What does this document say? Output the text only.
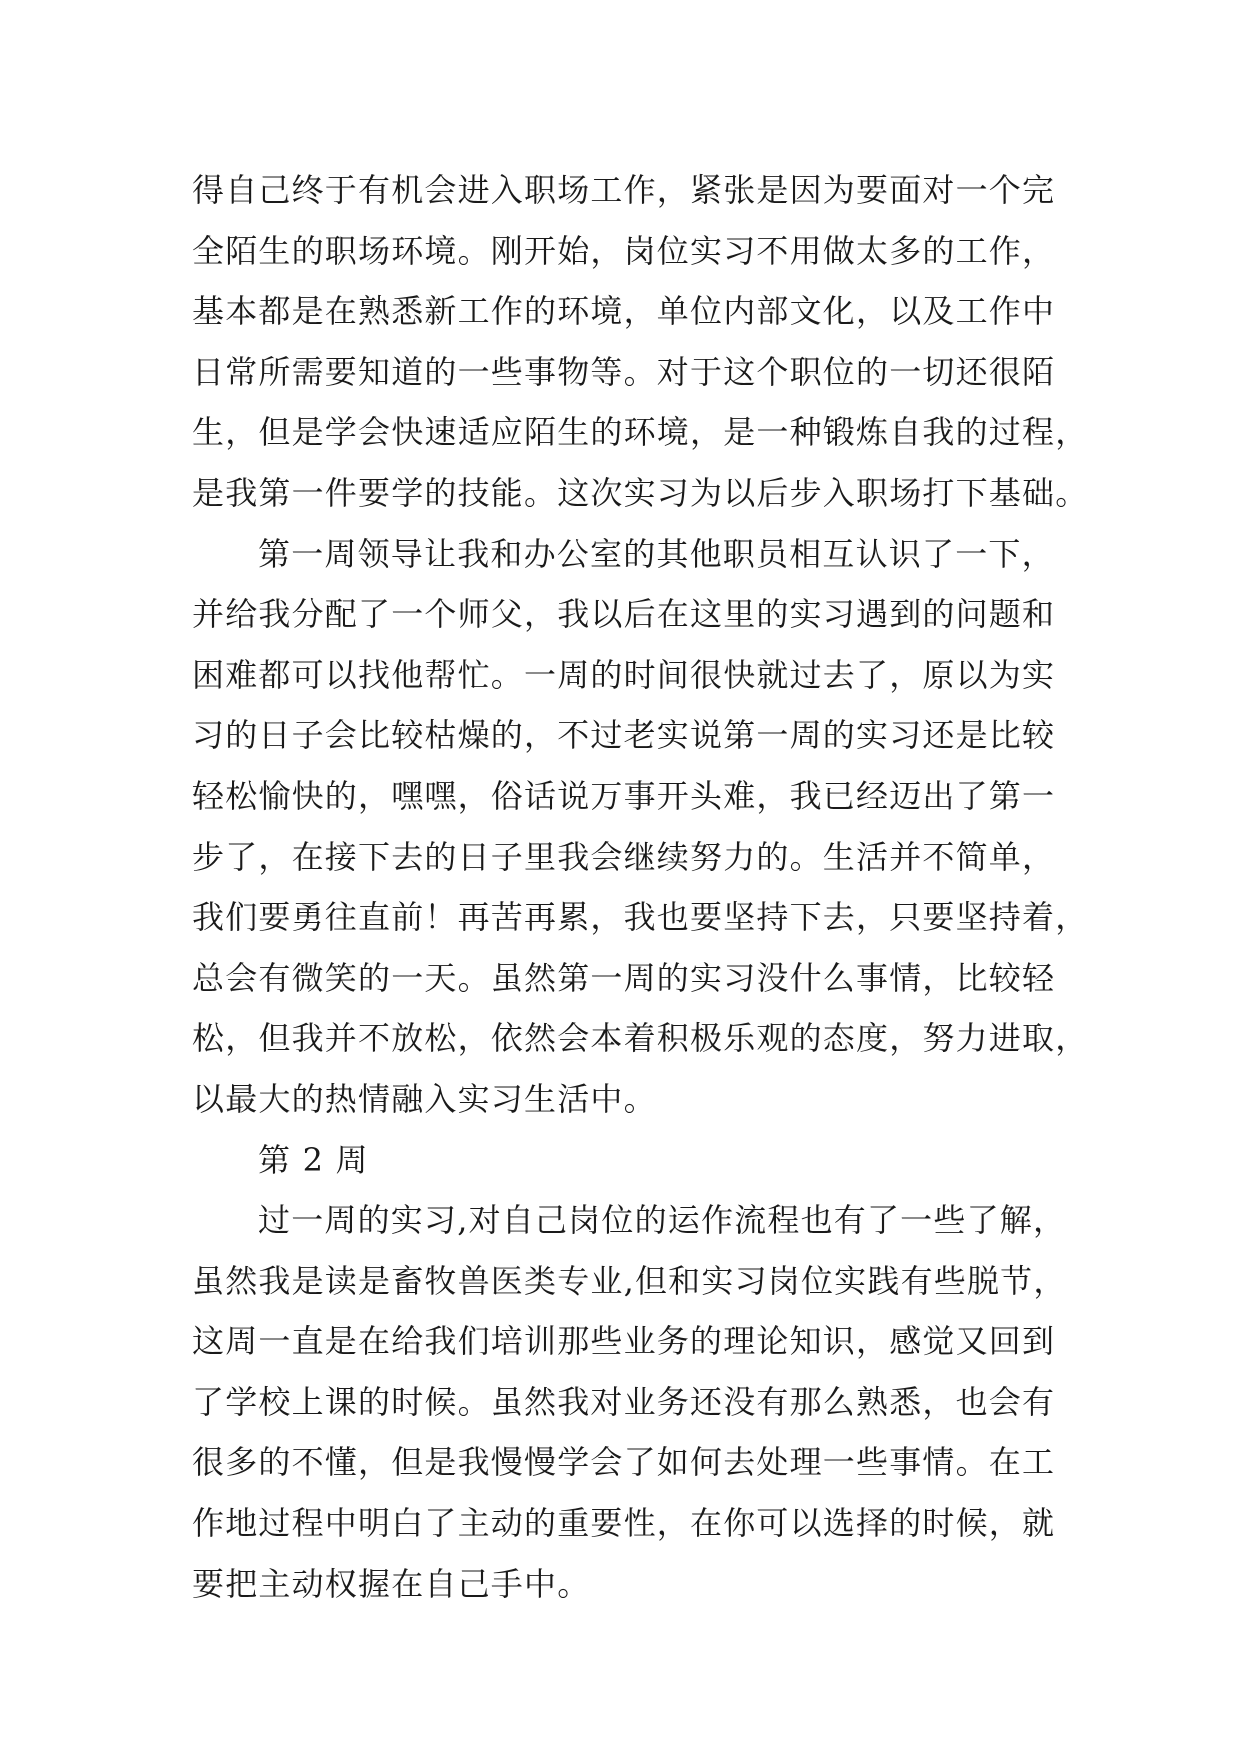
得自己终于有机会进入职场工作，紧张是因为要面对一个完
全陌生的职场环境。刚开始，岗位实习不用做太多的工作，
基本都是在熟悉新工作的环境，单位内部文化，以及工作中
日常所需要知道的一些事物等。对于这个职位的一切还很陌
生，但是学会快速适应陌生的环境，是一种锻炼自我的过程，
是我第一件要学的技能。这次实习为以后步入职场打下基础。
第一周领导让我和办公室的其他职员相互认识了一下，
并给我分配了一个师父，我以后在这里的实习遇到的问题和
困难都可以找他帮忙。一周的时间很快就过去了，原以为实
习的日子会比较枯燥的，不过老实说第一周的实习还是比较
轻松愉快的，嘿嘿，俗话说万事开头难，我已经迈出了第一
步了，在接下去的日子里我会继续努力的。生活并不简单，
我们要勇往直前！再苦再累，我也要坚持下去，只要坚持着，
总会有微笑的一天。虽然第一周的实习没什么事情，比较轻
松，但我并不放松，依然会本着积极乐观的态度，努力进取，
以最大的热情融入实习生活中。
第 2 周
过一周的实习,对自己岗位的运作流程也有了一些了解，
虽然我是读是畜牧兽医类专业,但和实习岗位实践有些脱节，
这周一直是在给我们培训那些业务的理论知识，感觉又回到
了学校上课的时候。虽然我对业务还没有那么熟悉，也会有
很多的不懂，但是我慢慢学会了如何去处理一些事情。在工
作地过程中明白了主动的重要性，在你可以选择的时候，就
要把主动权握在自己手中。
